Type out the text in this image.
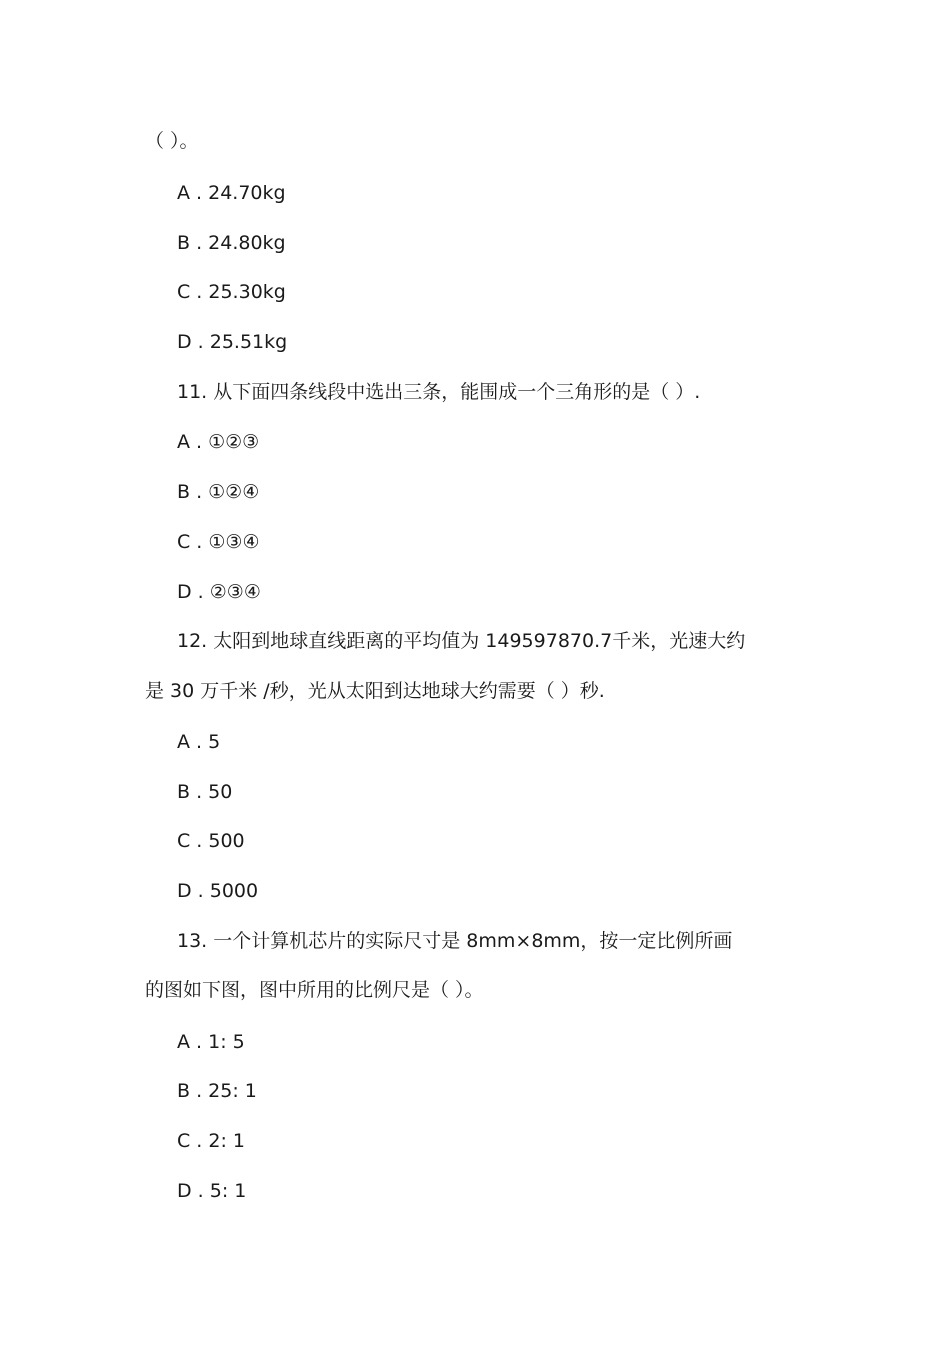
（ ）。
A . 24.70kg
B . 24.80kg
C . 25.30kg
D . 25.51kg
11. 从下面四条线段中选出三条，能围成一个三角形的是（ ）.
A . ①②③
B . ①②④
C . ①③④
D . ②③④
12. 太阳到地球直线距离的平均值为 149597870.7千米，光速大约
是 30 万千米 /秒，光从太阳到达地球大约需要（ ）秒.
A . 5
B . 50
C . 500
D . 5000
13. 一个计算机芯片的实际尺寸是 8mm×8mm，按一定比例所画
的图如下图，图中所用的比例尺是（ ）。
A . 1: 5
B . 25: 1
C . 2: 1
D . 5: 1
